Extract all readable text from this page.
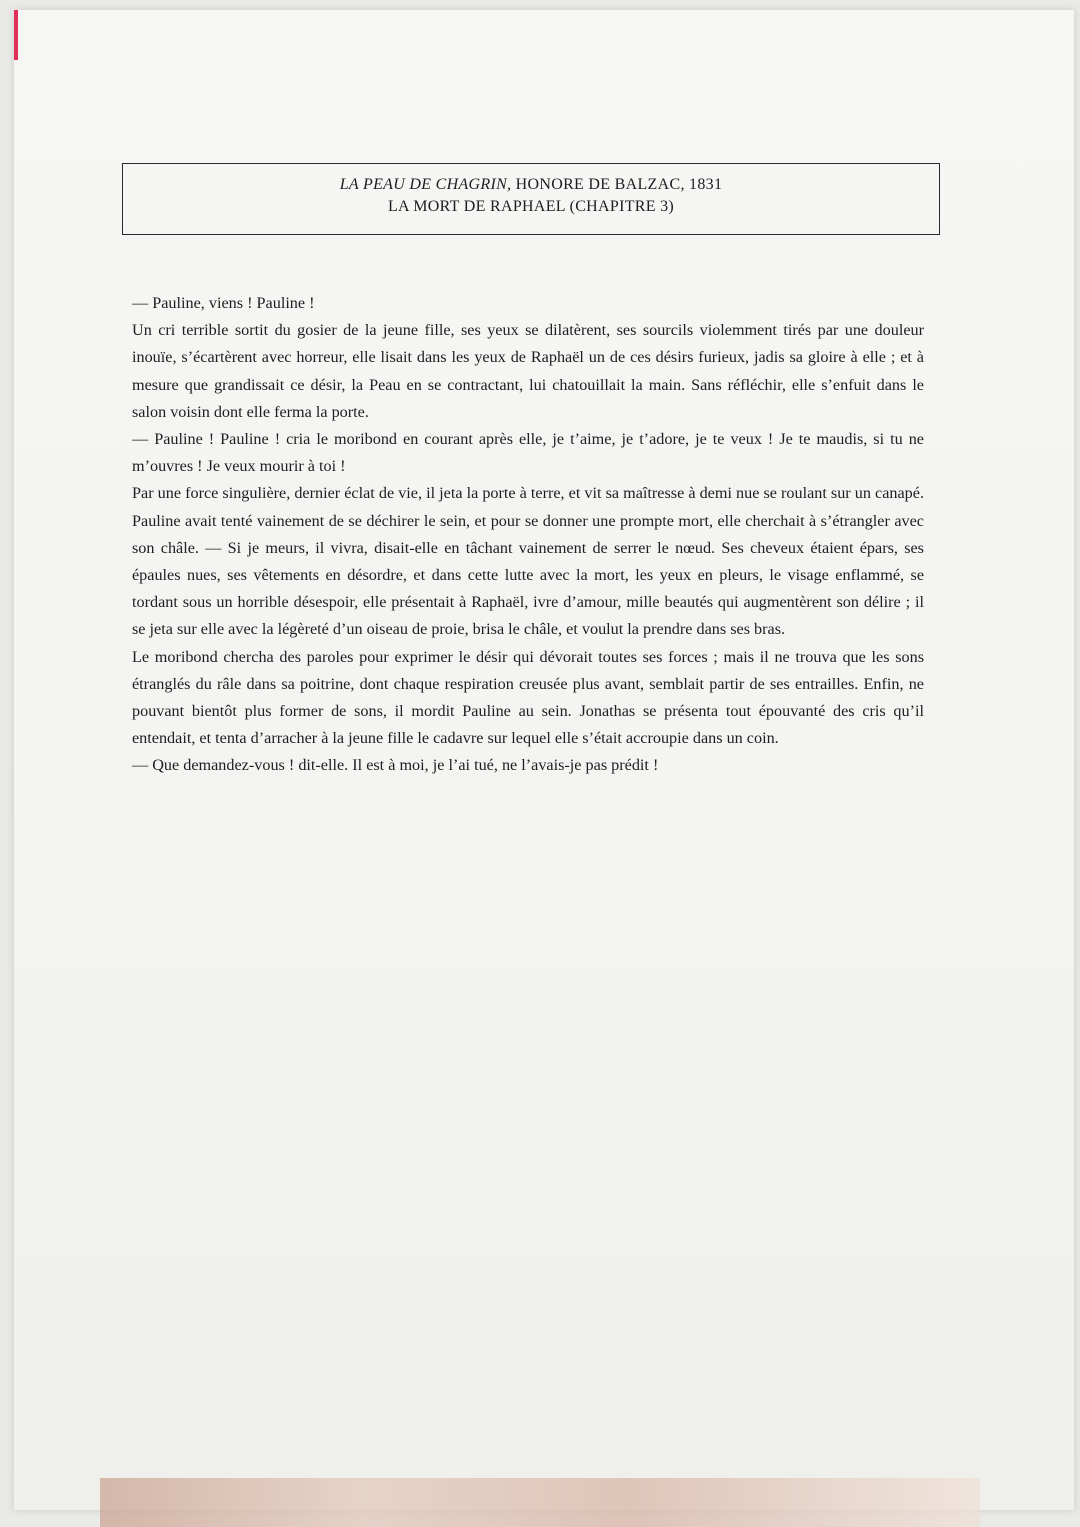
LA PEAU DE CHAGRIN, HONORE DE BALZAC, 1831
LA MORT DE RAPHAEL (CHAPITRE 3)

— Pauline, viens ! Pauline !

Un cri terrible sortit du gosier de la jeune fille, ses yeux se dilatèrent, ses sourcils violemment tirés par une douleur inouïe, s’écartèrent avec horreur, elle lisait dans les yeux de Raphaël un de ces désirs furieux, jadis sa gloire à elle ; et à mesure que grandissait ce désir, la Peau en se contractant, lui chatouillait la main. Sans réfléchir, elle s’enfuit dans le salon voisin dont elle ferma la porte.

— Pauline ! Pauline ! cria le moribond en courant après elle, je t’aime, je t’adore, je te veux ! Je te maudis, si tu ne m’ouvres ! Je veux mourir à toi !

Par une force singulière, dernier éclat de vie, il jeta la porte à terre, et vit sa maîtresse à demi nue se roulant sur un canapé. Pauline avait tenté vainement de se déchirer le sein, et pour se donner une prompte mort, elle cherchait à s’étrangler avec son châle. — Si je meurs, il vivra, disait-elle en tâchant vainement de serrer le nœud. Ses cheveux étaient épars, ses épaules nues, ses vêtements en désordre, et dans cette lutte avec la mort, les yeux en pleurs, le visage enflammé, se tordant sous un horrible désespoir, elle présentait à Raphaël, ivre d’amour, mille beautés qui augmentèrent son délire ; il se jeta sur elle avec la légèreté d’un oiseau de proie, brisa le châle, et voulut la prendre dans ses bras.

Le moribond chercha des paroles pour exprimer le désir qui dévorait toutes ses forces ; mais il ne trouva que les sons étranglés du râle dans sa poitrine, dont chaque respiration creusée plus avant, semblait partir de ses entrailles. Enfin, ne pouvant bientôt plus former de sons, il mordit Pauline au sein. Jonathas se présenta tout épouvanté des cris qu’il entendait, et tenta d’arracher à la jeune fille le cadavre sur lequel elle s’était accroupie dans un coin.

— Que demandez-vous ! dit-elle. Il est à moi, je l’ai tué, ne l’avais-je pas prédit !
